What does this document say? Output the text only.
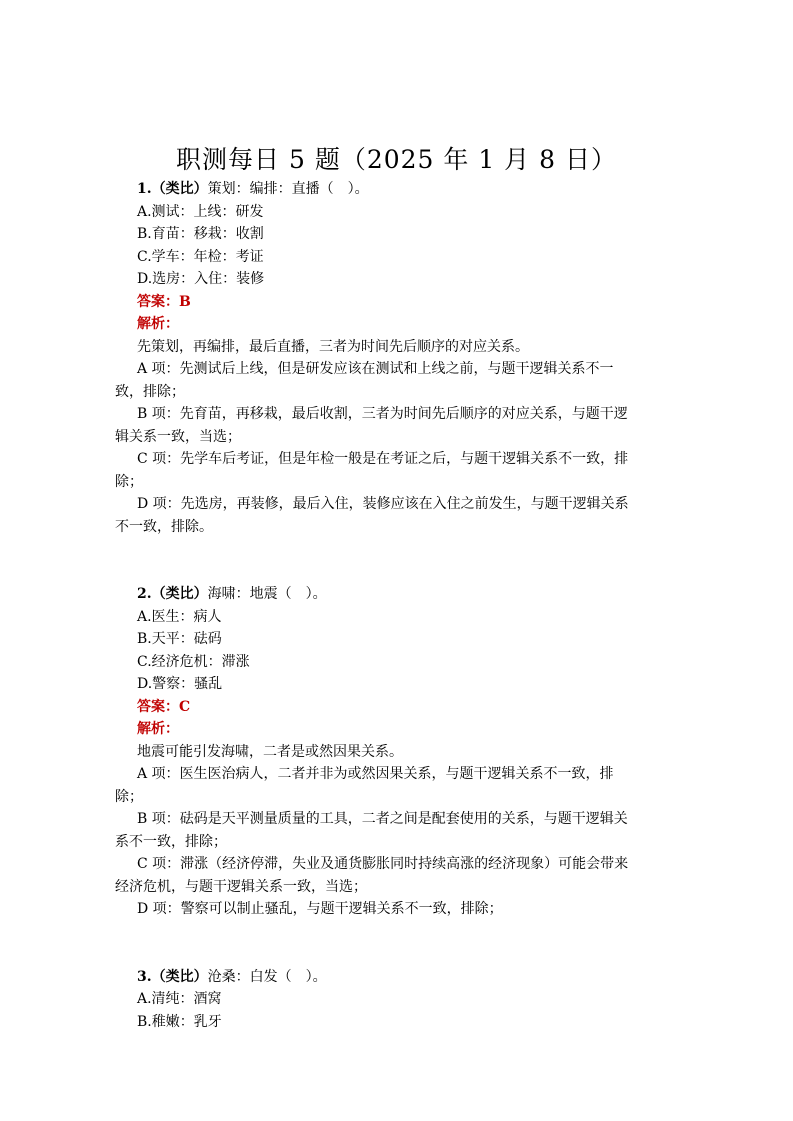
职测每日 5 题（2025 年 1 月 8 日）

1.（类比）策划：编排：直播（　）。

A.测试：上线：研发

B.育苗：移栽：收割

C.学车：年检：考证

D.选房：入住：装修

答案：B

解析：

先策划，再编排，最后直播，三者为时间先后顺序的对应关系。

A 项：先测试后上线，但是研发应该在测试和上线之前，与题干逻辑关系不一

致，排除；

B 项：先育苗，再移栽，最后收割，三者为时间先后顺序的对应关系，与题干逻

辑关系一致，当选；

C 项：先学车后考证，但是年检一般是在考证之后，与题干逻辑关系不一致，排

除；

D 项：先选房，再装修，最后入住，装修应该在入住之前发生，与题干逻辑关系

不一致，排除。

2.（类比）海啸：地震（　）。

A.医生：病人

B.天平：砝码

C.经济危机：滞涨

D.警察：骚乱

答案：C

解析：

地震可能引发海啸，二者是或然因果关系。

A 项：医生医治病人，二者并非为或然因果关系，与题干逻辑关系不一致，排

除；

B 项：砝码是天平测量质量的工具，二者之间是配套使用的关系，与题干逻辑关

系不一致，排除；

C 项：滞涨（经济停滞，失业及通货膨胀同时持续高涨的经济现象）可能会带来

经济危机，与题干逻辑关系一致，当选；

D 项：警察可以制止骚乱，与题干逻辑关系不一致，排除；

3.（类比）沧桑：白发（　）。

A.清纯：酒窝

B.稚嫩：乳牙
